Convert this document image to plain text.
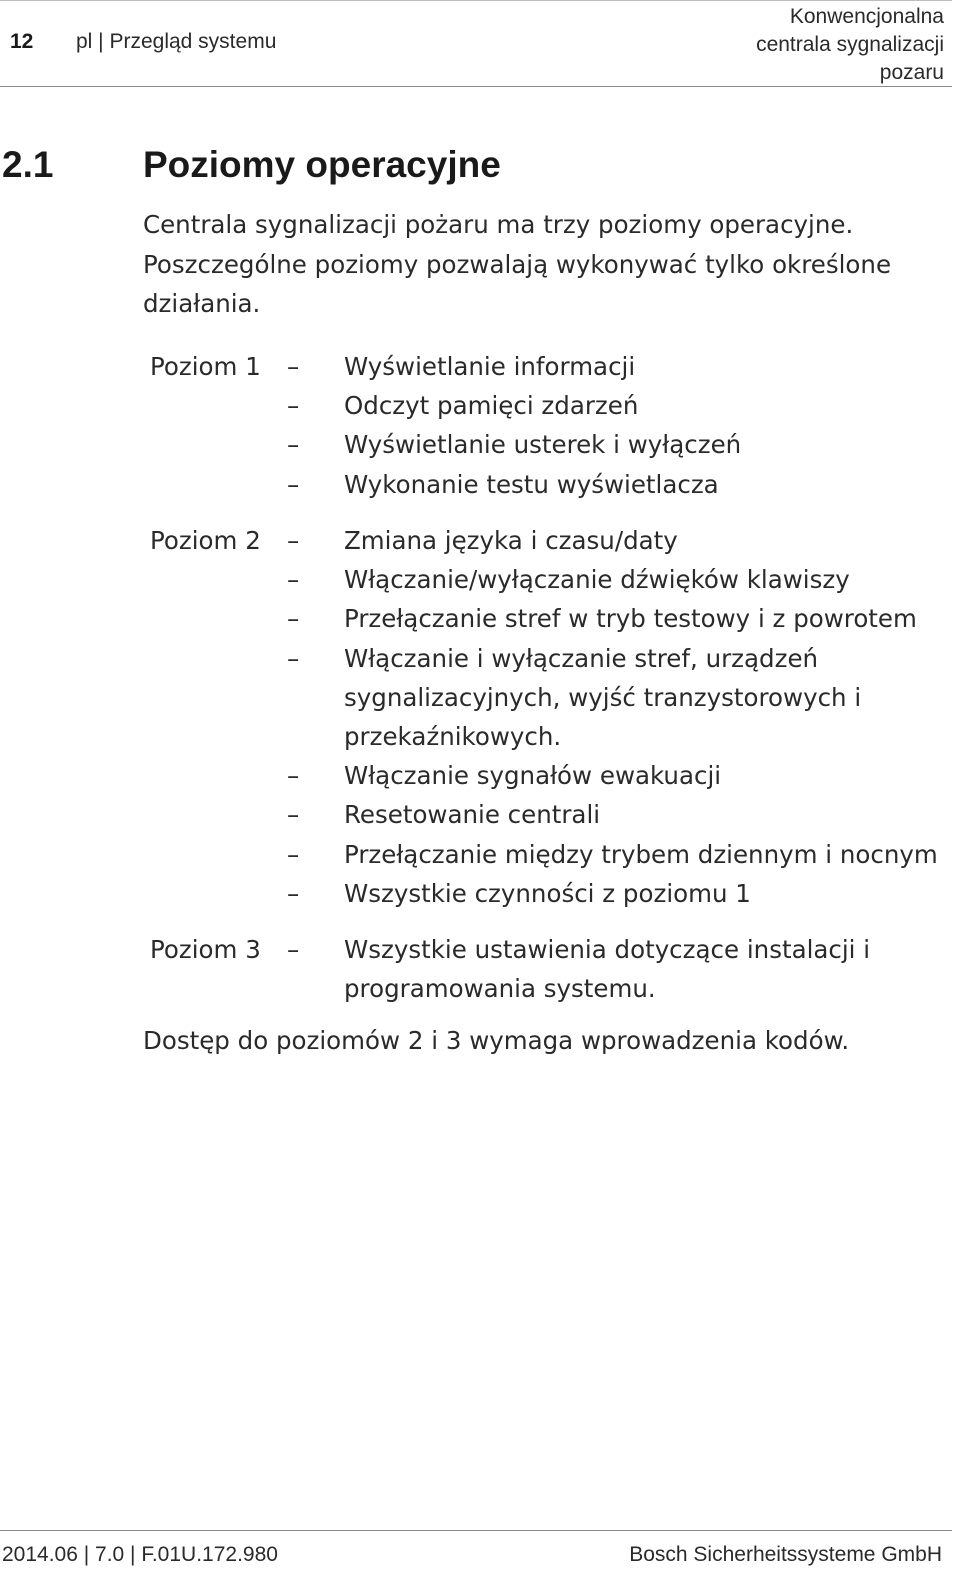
12 pl | Przegląd systemu
Konwencjonalna
centrala sygnalizacji
pozaru
2.1 Poziomy operacyjne
Centrala sygnalizacji pożaru ma trzy poziomy operacyjne.
Poszczególne poziomy pozwalają wykonywać tylko określone
działania.
Poziom 1 – Wyświetlanie informacji
– Odczyt pamięci zdarzeń
– Wyświetlanie usterek i wyłączeń
– Wykonanie testu wyświetlacza
Poziom 2 – Zmiana języka i czasu/daty
– Włączanie/wyłączanie dźwięków klawiszy
– Przełączanie stref w tryb testowy i z powrotem
– Włączanie i wyłączanie stref, urządzeń sygnalizacyjnych, wyjść tranzystorowych i przekaźnikowych.
– Włączanie sygnałów ewakuacji
– Resetowanie centrali
– Przełączanie między trybem dziennym i nocnym
– Wszystkie czynności z poziomu 1
Poziom 3 – Wszystkie ustawienia dotyczące instalacji i programowania systemu.
Dostęp do poziomów 2 i 3 wymaga wprowadzenia kodów.
2014.06 | 7.0 | F.01U.172.980	Bosch Sicherheitssysteme GmbH
